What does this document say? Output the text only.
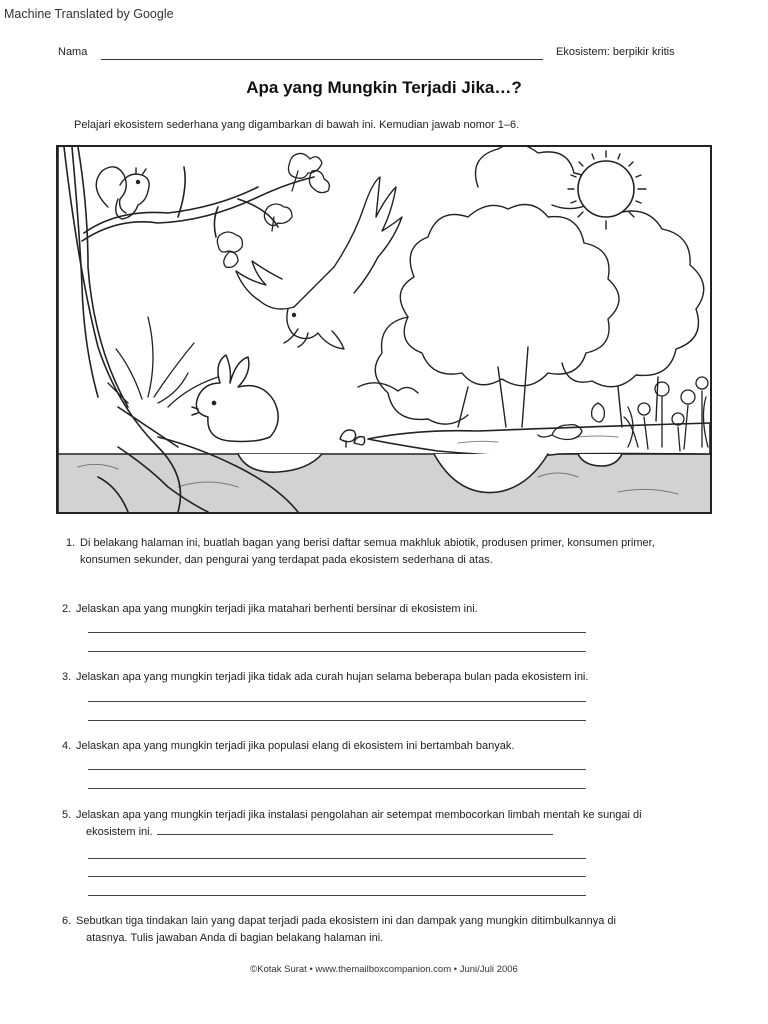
Machine Translated by Google
Nama	Ekosistem: berpikir kritis
Apa yang Mungkin Terjadi Jika…?
Pelajari ekosistem sederhana yang digambarkan di bawah ini. Kemudian jawab nomor 1–6.
1. Di belakang halaman ini, buatlah bagan yang berisi daftar semua makhluk abiotik, produsen primer, konsumen primer, konsumen sekunder, dan pengurai yang terdapat pada ekosistem sederhana di atas.
2. Jelaskan apa yang mungkin terjadi jika matahari berhenti bersinar di ekosistem ini.
3. Jelaskan apa yang mungkin terjadi jika tidak ada curah hujan selama beberapa bulan pada ekosistem ini.
4. Jelaskan apa yang mungkin terjadi jika populasi elang di ekosistem ini bertambah banyak.
5. Jelaskan apa yang mungkin terjadi jika instalasi pengolahan air setempat membocorkan limbah mentah ke sungai di
ekosistem ini.
6. Sebutkan tiga tindakan lain yang dapat terjadi pada ekosistem ini dan dampak yang mungkin ditimbulkannya di atasnya. Tulis jawaban Anda di bagian belakang halaman ini.
©Kotak Surat • www.themailboxcompanion.com • Juni/Juli 2006
